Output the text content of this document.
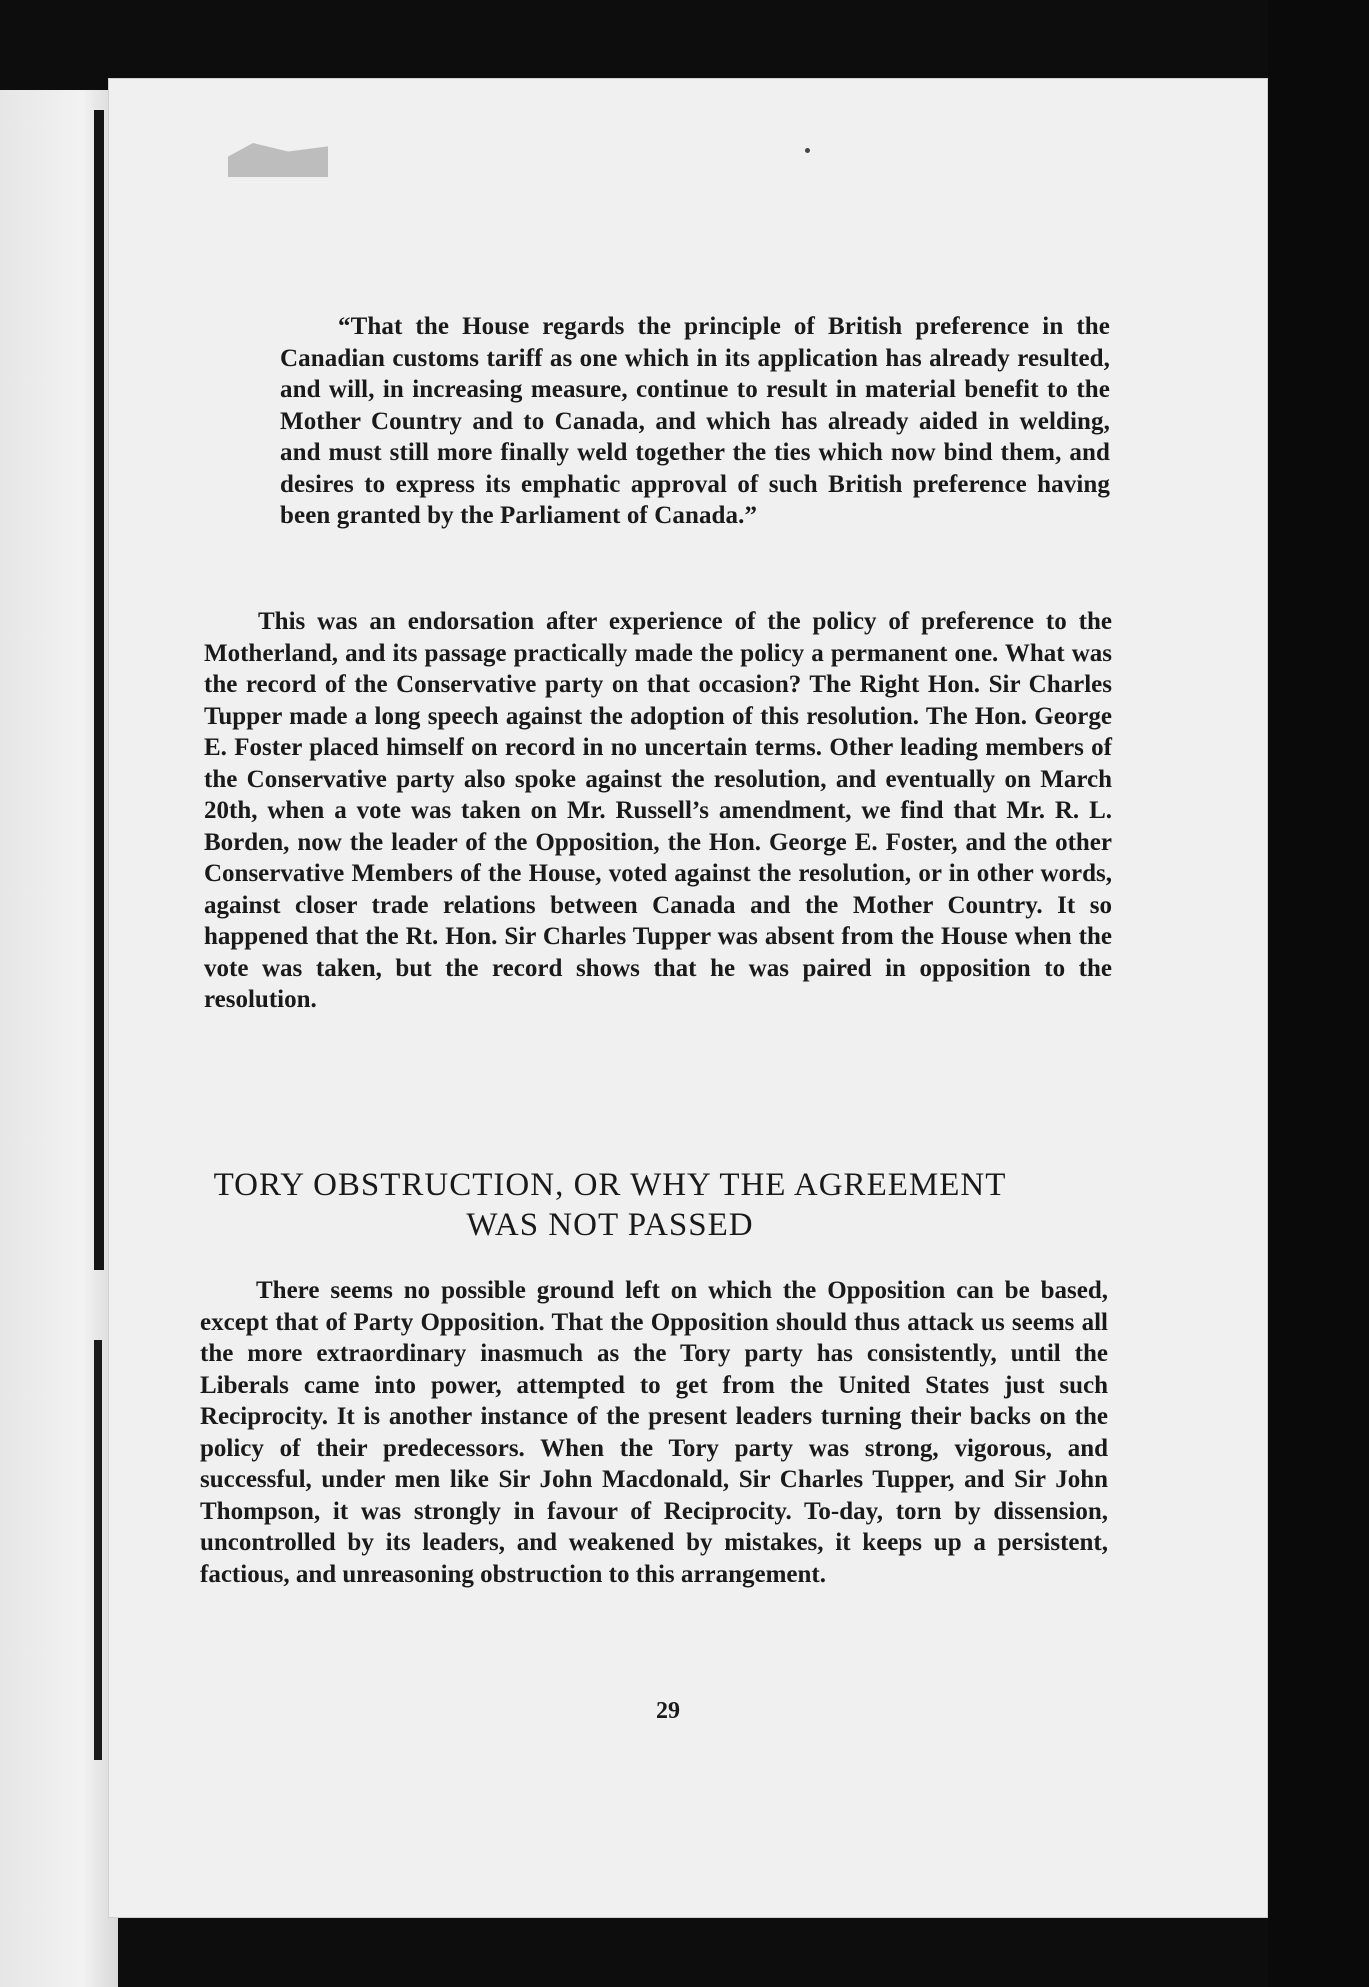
“That the House regards the principle of British preference in the Canadian customs tariff as one which in its application has already resulted, and will, in increasing measure, continue to result in material benefit to the Mother Country and to Canada, and which has already aided in welding, and must still more finally weld together the ties which now bind them, and desires to express its emphatic approval of such British preference having been granted by the Parliament of Canada.”

This was an endorsation after experience of the policy of preference to the Motherland, and its passage practically made the policy a permanent one. What was the record of the Conservative party on that occasion? The Right Hon. Sir Charles Tupper made a long speech against the adoption of this resolution. The Hon. George E. Foster placed himself on record in no uncertain terms. Other leading members of the Conservative party also spoke against the resolution, and eventually on March 20th, when a vote was taken on Mr. Russell’s amendment, we find that Mr. R. L. Borden, now the leader of the Opposition, the Hon. George E. Foster, and the other Conservative Members of the House, voted against the resolution, or in other words, against closer trade relations between Canada and the Mother Country. It so happened that the Rt. Hon. Sir Charles Tupper was absent from the House when the vote was taken, but the record shows that he was paired in opposition to the resolution.

TORY OBSTRUCTION, OR WHY THE AGREEMENT WAS NOT PASSED

There seems no possible ground left on which the Opposition can be based, except that of Party Opposition. That the Opposition should thus attack us seems all the more extraordinary inasmuch as the Tory party has consistently, until the Liberals came into power, attempted to get from the United States just such Reciprocity. It is another instance of the present leaders turning their backs on the policy of their predecessors. When the Tory party was strong, vigorous, and successful, under men like Sir John Macdonald, Sir Charles Tupper, and Sir John Thompson, it was strongly in favour of Reciprocity. To-day, torn by dissension, uncontrolled by its leaders, and weakened by mistakes, it keeps up a persistent, factious, and unreasoning obstruction to this arrangement.

29
